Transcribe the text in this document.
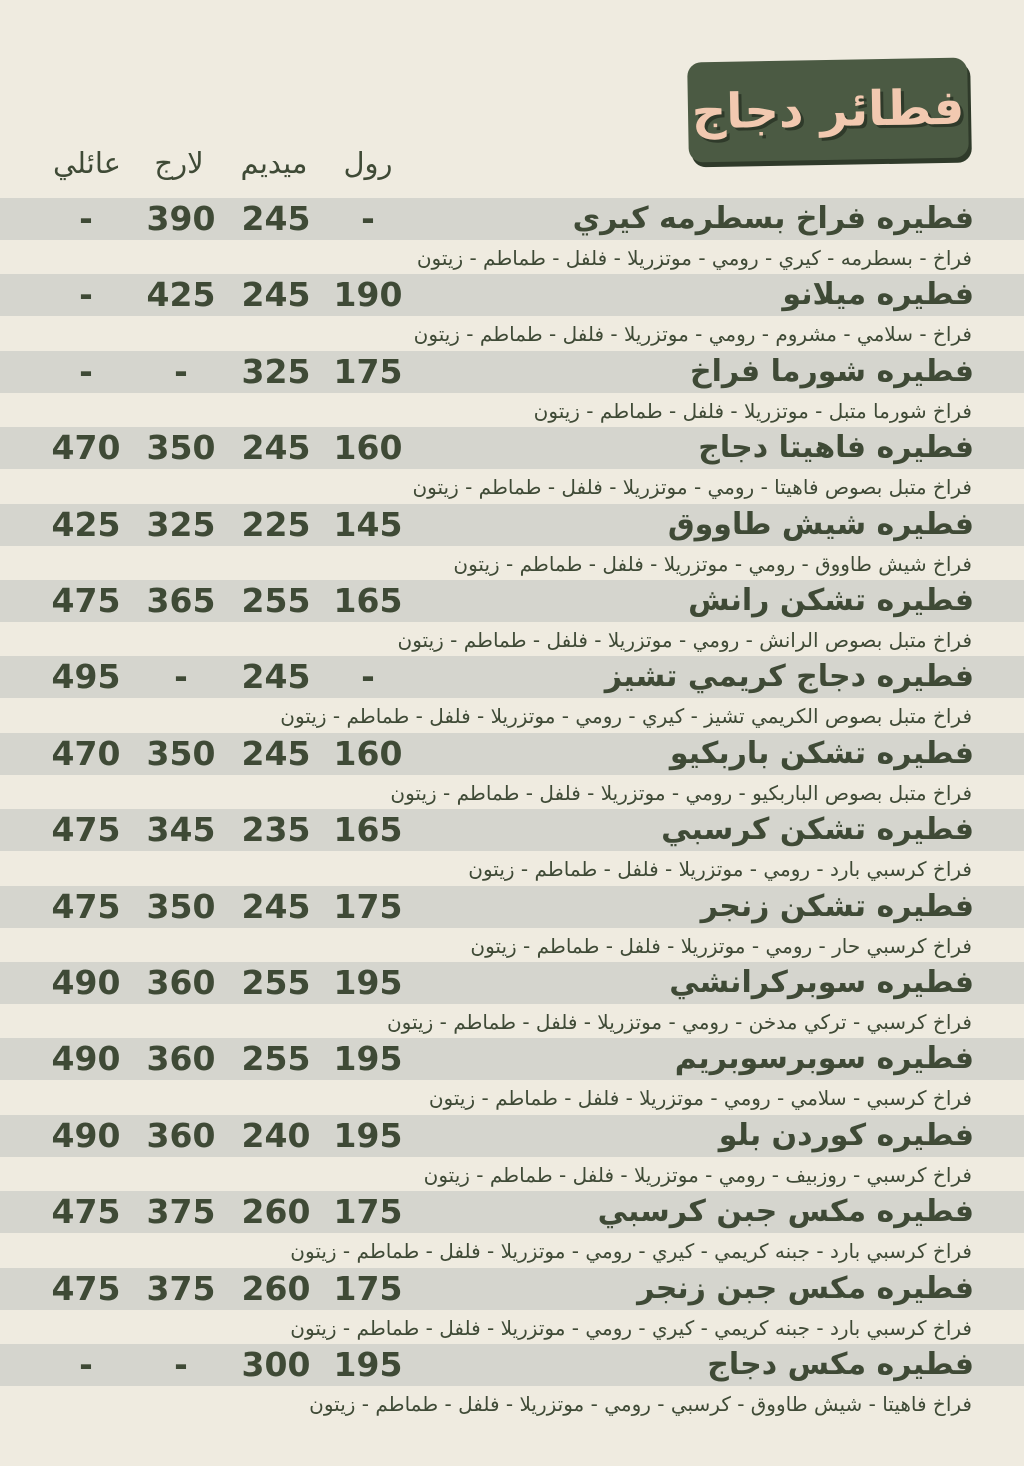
فطائر دجاج
رول
ميديم
لارج
عائلي
فطيره فراخ بسطرمه كيري
-
245
390
-
فراخ - بسطرمه - كيري - رومي - موتزريلا - فلفل - طماطم - زيتون
فطيره ميلانو
190
245
425
-
فراخ - سلامي - مشروم - رومي - موتزريلا - فلفل - طماطم - زيتون
فطيره شورما فراخ
175
325
-
-
فراخ شورما متبل - موتزريلا - فلفل - طماطم - زيتون
فطيره فاهيتا دجاج
160
245
350
470
فراخ متبل بصوص فاهيتا - رومي - موتزريلا - فلفل - طماطم - زيتون
فطيره شيش طاووق
145
225
325
425
فراخ شيش طاووق - رومي - موتزريلا - فلفل - طماطم - زيتون
فطيره تشكن رانش
165
255
365
475
فراخ متبل بصوص الرانش - رومي - موتزريلا - فلفل - طماطم - زيتون
فطيره دجاج كريمي تشيز
-
245
-
495
فراخ متبل بصوص الكريمي تشيز - كيري - رومي - موتزريلا - فلفل - طماطم - زيتون
فطيره تشكن باربكيو
160
245
350
470
فراخ متبل بصوص الباربكيو - رومي - موتزريلا - فلفل - طماطم - زيتون
فطيره تشكن كرسبي
165
235
345
475
فراخ كرسبي بارد - رومي - موتزريلا - فلفل - طماطم - زيتون
فطيره تشكن زنجر
175
245
350
475
فراخ كرسبي حار - رومي - موتزريلا - فلفل - طماطم - زيتون
فطيره سوبركرانشي
195
255
360
490
فراخ كرسبي - تركي مدخن - رومي - موتزريلا - فلفل - طماطم - زيتون
فطيره سوبرسوبريم
195
255
360
490
فراخ كرسبي - سلامي - رومي - موتزريلا - فلفل - طماطم - زيتون
فطيره كوردن بلو
195
240
360
490
فراخ كرسبي - روزبيف - رومي - موتزريلا - فلفل - طماطم - زيتون
فطيره مكس جبن كرسبي
175
260
375
475
فراخ كرسبي بارد - جبنه كريمي - كيري - رومي - موتزريلا - فلفل - طماطم - زيتون
فطيره مكس جبن زنجر
175
260
375
475
فراخ كرسبي بارد - جبنه كريمي - كيري - رومي - موتزريلا - فلفل - طماطم - زيتون
فطيره مكس دجاج
195
300
-
-
فراخ فاهيتا - شيش طاووق - كرسبي - رومي - موتزريلا - فلفل - طماطم - زيتون
